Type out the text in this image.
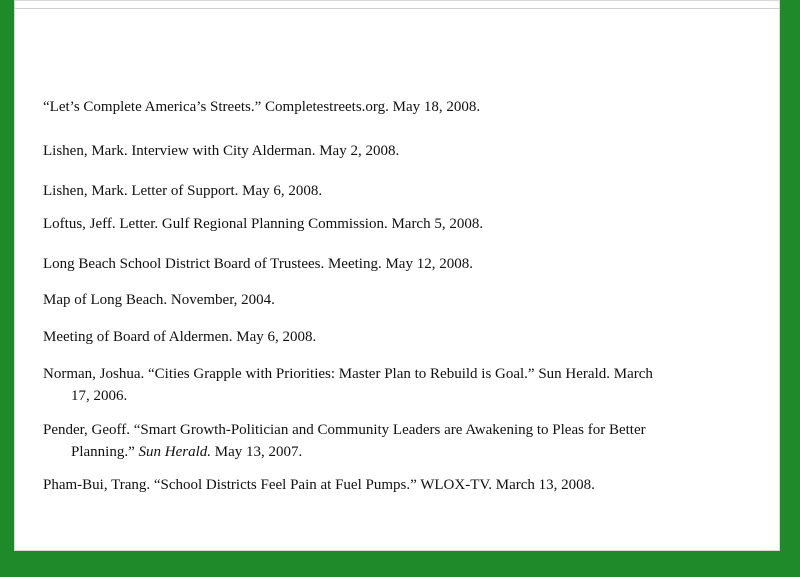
“Let’s Complete America’s Streets.” Completestreets.org. May 18, 2008.
Lishen, Mark. Interview with City Alderman. May 2, 2008.
Lishen, Mark. Letter of Support. May 6, 2008.
Loftus, Jeff. Letter. Gulf Regional Planning Commission. March 5, 2008.
Long Beach School District Board of Trustees. Meeting. May 12, 2008.
Map of Long Beach. November, 2004.
Meeting of Board of Aldermen. May 6, 2008.
Norman, Joshua. “Cities Grapple with Priorities: Master Plan to Rebuild is Goal.” Sun Herald. March
17, 2006.
Pender, Geoff. “Smart Growth-Politician and Community Leaders are Awakening to Pleas for Better
Planning.” Sun Herald. May 13, 2007.
Pham-Bui, Trang. “School Districts Feel Pain at Fuel Pumps.” WLOX-TV. March 13, 2008.
